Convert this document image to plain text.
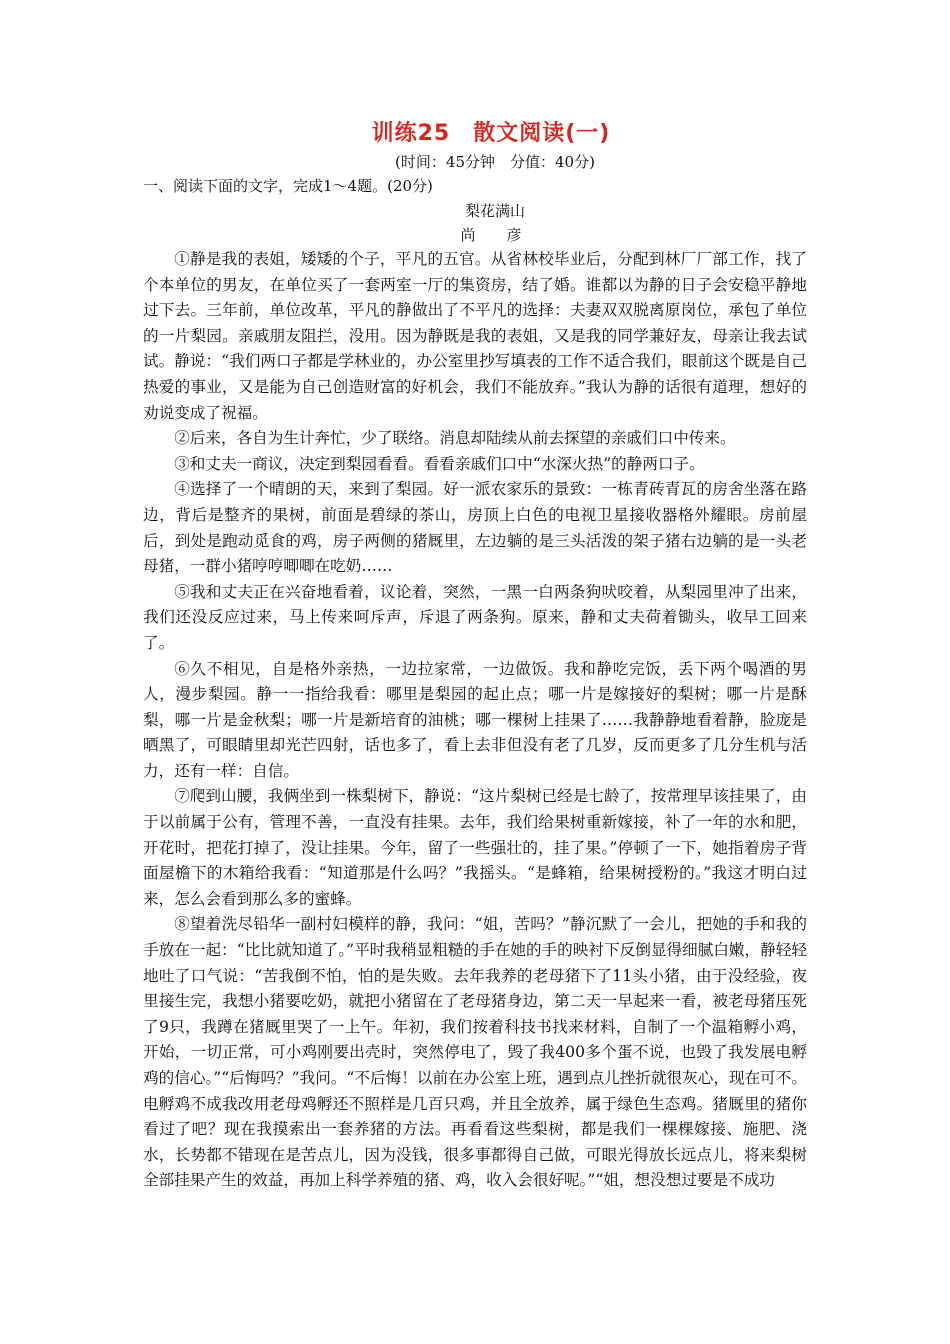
训练25　散文阅读(一)
(时间：45分钟　分值：40分)
一、阅读下面的文字，完成1～4题。(20分)
梨花满山
尚　彦

①静是我的表姐，矮矮的个子，平凡的五官。从省林校毕业后，分配到林厂厂部工作，找了个本单位的男友，在单位买了一套两室一厅的集资房，结了婚。谁都以为静的日子会安稳平静地过下去。三年前，单位改革，平凡的静做出了不平凡的选择：夫妻双双脱离原岗位，承包了单位的一片梨园。亲戚朋友阻拦，没用。因为静既是我的表姐，又是我的同学兼好友，母亲让我去试试。静说：“我们两口子都是学林业的，办公室里抄写填表的工作不适合我们，眼前这个既是自己热爱的事业，又是能为自己创造财富的好机会，我们不能放弃。”我认为静的话很有道理，想好的劝说变成了祝福。

②后来，各自为生计奔忙，少了联络。消息却陆续从前去探望的亲戚们口中传来。

③和丈夫一商议，决定到梨园看看。看看亲戚们口中“水深火热”的静两口子。

④选择了一个晴朗的天，来到了梨园。好一派农家乐的景致：一栋青砖青瓦的房舍坐落在路边，背后是整齐的果树，前面是碧绿的茶山，房顶上白色的电视卫星接收器格外耀眼。房前屋后，到处是跑动觅食的鸡，房子两侧的猪厩里，左边躺的是三头活泼的架子猪右边躺的是一头老母猪，一群小猪哼哼唧唧在吃奶……

⑤我和丈夫正在兴奋地看着，议论着，突然，一黑一白两条狗吠咬着，从梨园里冲了出来，我们还没反应过来，马上传来呵斥声，斥退了两条狗。原来，静和丈夫荷着锄头，收早工回来了。

⑥久不相见，自是格外亲热，一边拉家常，一边做饭。我和静吃完饭，丢下两个喝酒的男人，漫步梨园。静一一指给我看：哪里是梨园的起止点；哪一片是嫁接好的梨树；哪一片是酥梨，哪一片是金秋梨；哪一片是新培育的油桃；哪一棵树上挂果了……我静静地看着静，脸庞是晒黑了，可眼睛里却光芒四射，话也多了，看上去非但没有老了几岁，反而更多了几分生机与活力，还有一样：自信。

⑦爬到山腰，我俩坐到一株梨树下，静说：“这片梨树已经是七龄了，按常理早该挂果了，由于以前属于公有，管理不善，一直没有挂果。去年，我们给果树重新嫁接，补了一年的水和肥，开花时，把花打掉了，没让挂果。今年，留了一些强壮的，挂了果。”停顿了一下，她指着房子背面屋檐下的木箱给我看：“知道那是什么吗？”我摇头。“是蜂箱，给果树授粉的。”我这才明白过来，怎么会看到那么多的蜜蜂。

⑧望着洗尽铅华一副村妇模样的静，我问：“姐，苦吗？”静沉默了一会儿，把她的手和我的手放在一起：“比比就知道了。”平时我稍显粗糙的手在她的手的映衬下反倒显得细腻白嫩，静轻轻地吐了口气说：“苦我倒不怕，怕的是失败。去年我养的老母猪下了11头小猪，由于没经验，夜里接生完，我想小猪要吃奶，就把小猪留在了老母猪身边，第二天一早起来一看，被老母猪压死了9只，我蹲在猪厩里哭了一上午。年初，我们按着科技书找来材料，自制了一个温箱孵小鸡，开始，一切正常，可小鸡刚要出壳时，突然停电了，毁了我400多个蛋不说，也毁了我发展电孵鸡的信心。”“后悔吗？”我问。“不后悔！以前在办公室上班，遇到点儿挫折就很灰心，现在可不。电孵鸡不成我改用老母鸡孵还不照样是几百只鸡，并且全放养，属于绿色生态鸡。猪厩里的猪你看过了吧？现在我摸索出一套养猪的方法。再看看这些梨树，都是我们一棵棵嫁接、施肥、浇水，长势都不错现在是苦点儿，因为没钱，很多事都得自己做，可眼光得放长远点儿，将来梨树全部挂果产生的效益，再加上科学养殖的猪、鸡，收入会很好呢。”“姐，想没想过要是不成功
